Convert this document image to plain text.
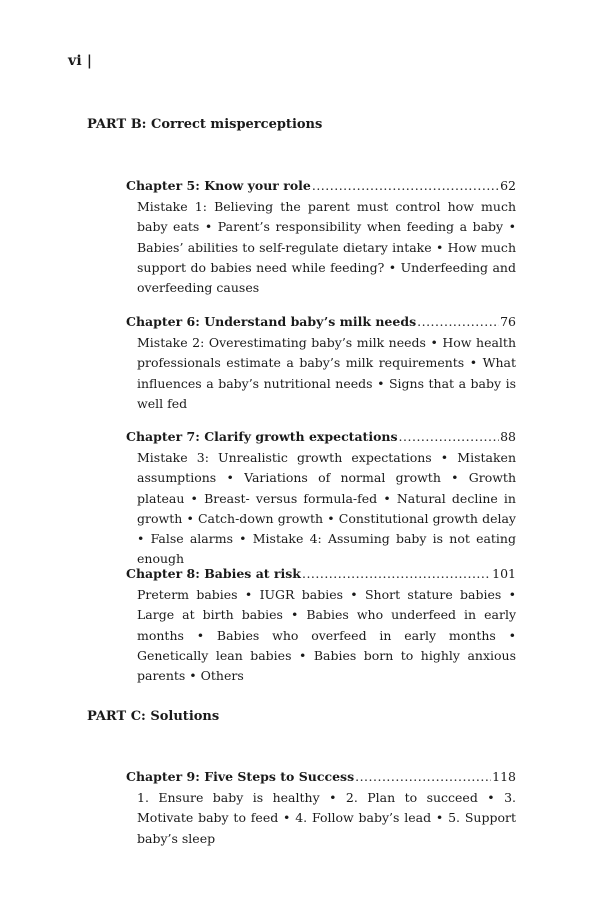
vi |
PART B: Correct misperceptions
Chapter 5: Know your role .....	62
Mistake 1: Believing the parent must control how much baby eats • Parent’s responsibility when feeding a baby • Babies’ abilities to self-regulate dietary intake • How much support do babies need while feeding? • Underfeeding and overfeeding causes
Chapter 6: Understand baby’s milk needs .....	76
Mistake 2: Overestimating baby’s milk needs • How health professionals estimate a baby’s milk requirements • What influences a baby’s nutritional needs • Signs that a baby is well fed
Chapter 7: Clarify growth expectations .....	88
Mistake 3: Unrealistic growth expectations • Mistaken assumptions • Variations of normal growth • Growth plateau • Breast- versus formula-fed • Natural decline in growth • Catch-down growth • Constitutional growth delay • False alarms • Mistake 4: Assuming baby is not eating enough
Chapter 8: Babies at risk .....	101
Preterm babies • IUGR babies • Short stature babies • Large at birth babies • Babies who underfeed in early months • Babies who overfeed in early months • Genetically lean babies • Babies born to highly anxious parents • Others
PART C: Solutions
Chapter 9: Five Steps to Success .....	118
1. Ensure baby is healthy • 2. Plan to succeed • 3. Motivate baby to feed • 4. Follow baby’s lead • 5. Support baby’s sleep
